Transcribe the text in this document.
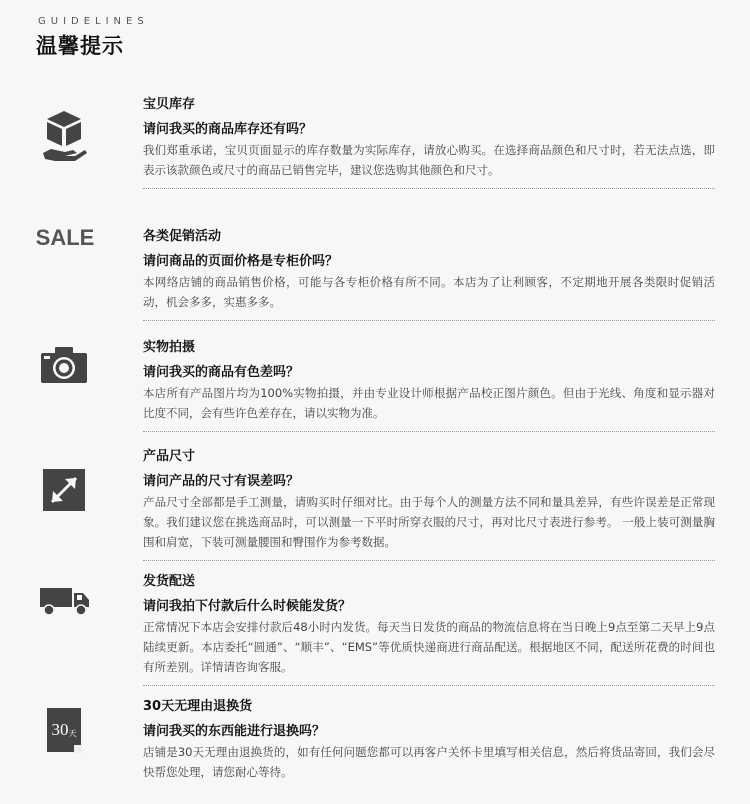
GUIDELINES
温馨提示
宝贝库存
请问我买的商品库存还有吗？
我们郑重承诺，宝贝页面显示的库存数量为实际库存，请放心购买。在选择商品颜色和尺寸时，若无法点选，即表示该款颜色或尺寸的商品已销售完毕，建议您选购其他颜色和尺寸。
SALE	各类促销活动
请问商品的页面价格是专柜价吗？
本网络店铺的商品销售价格，可能与各专柜价格有所不同。本店为了让利顾客，不定期地开展各类限时促销活动，机会多多，实惠多多。
实物拍摄
请问我买的商品有色差吗？
本店所有产品图片均为100%实物拍摄，并由专业设计师根据产品校正图片颜色。但由于光线、角度和显示器对比度不同，会有些许色差存在，请以实物为准。
产品尺寸
请问产品的尺寸有误差吗？
产品尺寸全部都是手工测量，请购买时仔细对比。由于每个人的测量方法不同和量具差异，有些许误差是正常现象。我们建议您在挑选商品时，可以测量一下平时所穿衣服的尺寸，再对比尺寸表进行参考。 一般上装可测量胸围和肩宽，下装可测量腰围和臀围作为参考数据。
发货配送
请问我拍下付款后什么时候能发货？
正常情况下本店会安排付款后48小时内发货。每天当日发货的商品的物流信息将在当日晚上9点至第二天早上9点陆续更新。本店委托“圆通”、“顺丰”、“EMS”等优质快递商进行商品配送。根据地区不同，配送所花费的时间也有所差别。详情请咨询客服。
30 天
30天无理由退换货
请问我买的东西能进行退换吗？
店铺是30天无理由退换货的，如有任何问题您都可以再客户关怀卡里填写相关信息，然后将货品寄回，我们会尽快帮您处理，请您耐心等待。
